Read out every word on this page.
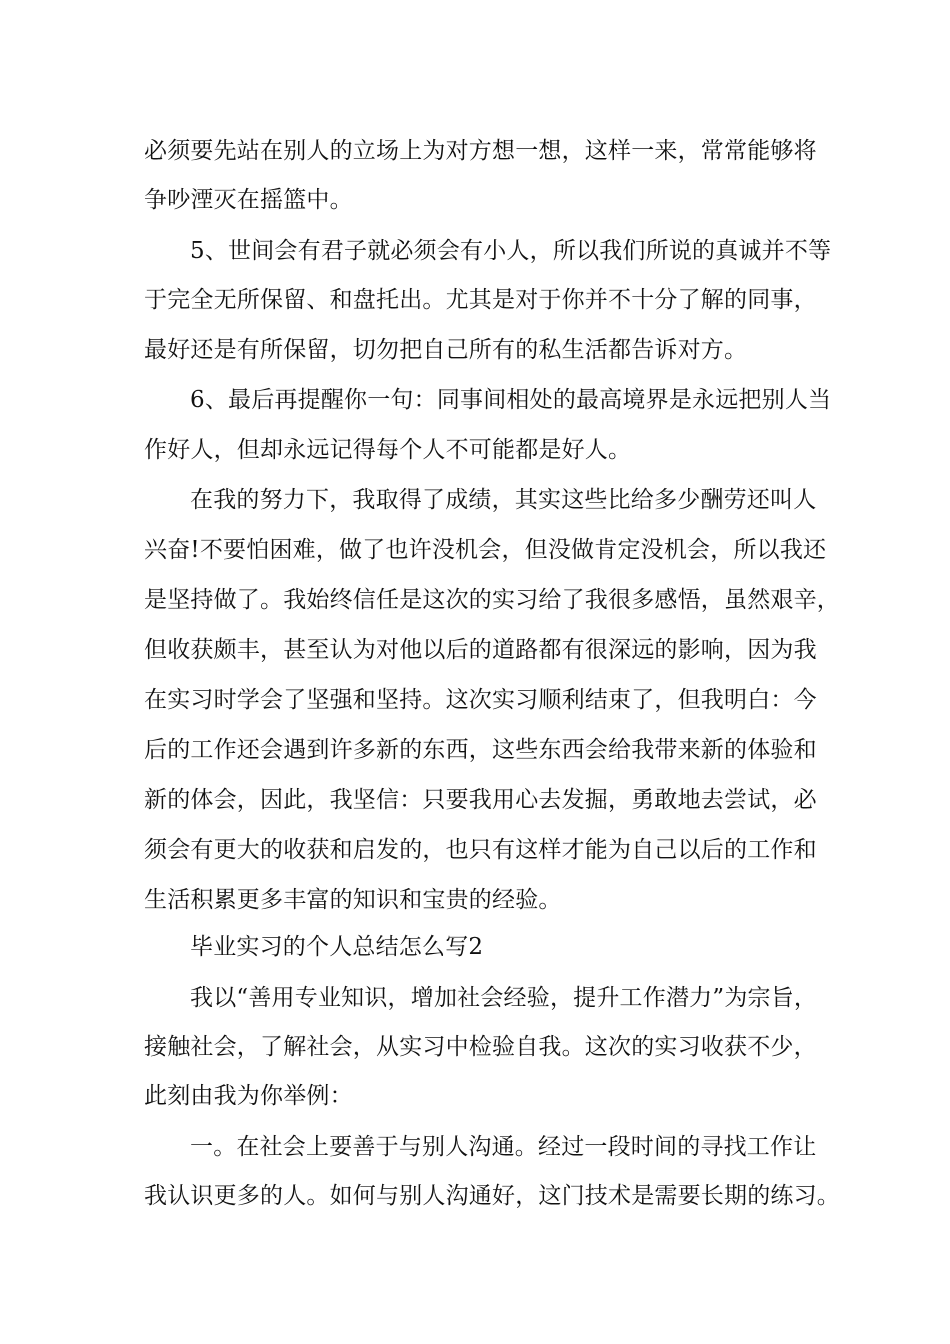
必须要先站在别人的立场上为对方想一想，这样一来，常常能够将
争吵湮灭在摇篮中。
5、世间会有君子就必须会有小人，所以我们所说的真诚并不等
于完全无所保留、和盘托出。尤其是对于你并不十分了解的同事，
最好还是有所保留，切勿把自己所有的私生活都告诉对方。
6、最后再提醒你一句：同事间相处的最高境界是永远把别人当
作好人，但却永远记得每个人不可能都是好人。
在我的努力下，我取得了成绩，其实这些比给多少酬劳还叫人
兴奋!不要怕困难，做了也许没机会，但没做肯定没机会，所以我还
是坚持做了。我始终信任是这次的实习给了我很多感悟，虽然艰辛，
但收获颇丰，甚至认为对他以后的道路都有很深远的影响，因为我
在实习时学会了坚强和坚持。这次实习顺利结束了，但我明白：今
后的工作还会遇到许多新的东西，这些东西会给我带来新的体验和
新的体会，因此，我坚信：只要我用心去发掘，勇敢地去尝试，必
须会有更大的收获和启发的，也只有这样才能为自己以后的工作和
生活积累更多丰富的知识和宝贵的经验。
毕业实习的个人总结怎么写2
我以“善用专业知识，增加社会经验，提升工作潜力”为宗旨，
接触社会，了解社会，从实习中检验自我。这次的实习收获不少，
此刻由我为你举例：
一。在社会上要善于与别人沟通。经过一段时间的寻找工作让
我认识更多的人。如何与别人沟通好，这门技术是需要长期的练习。
